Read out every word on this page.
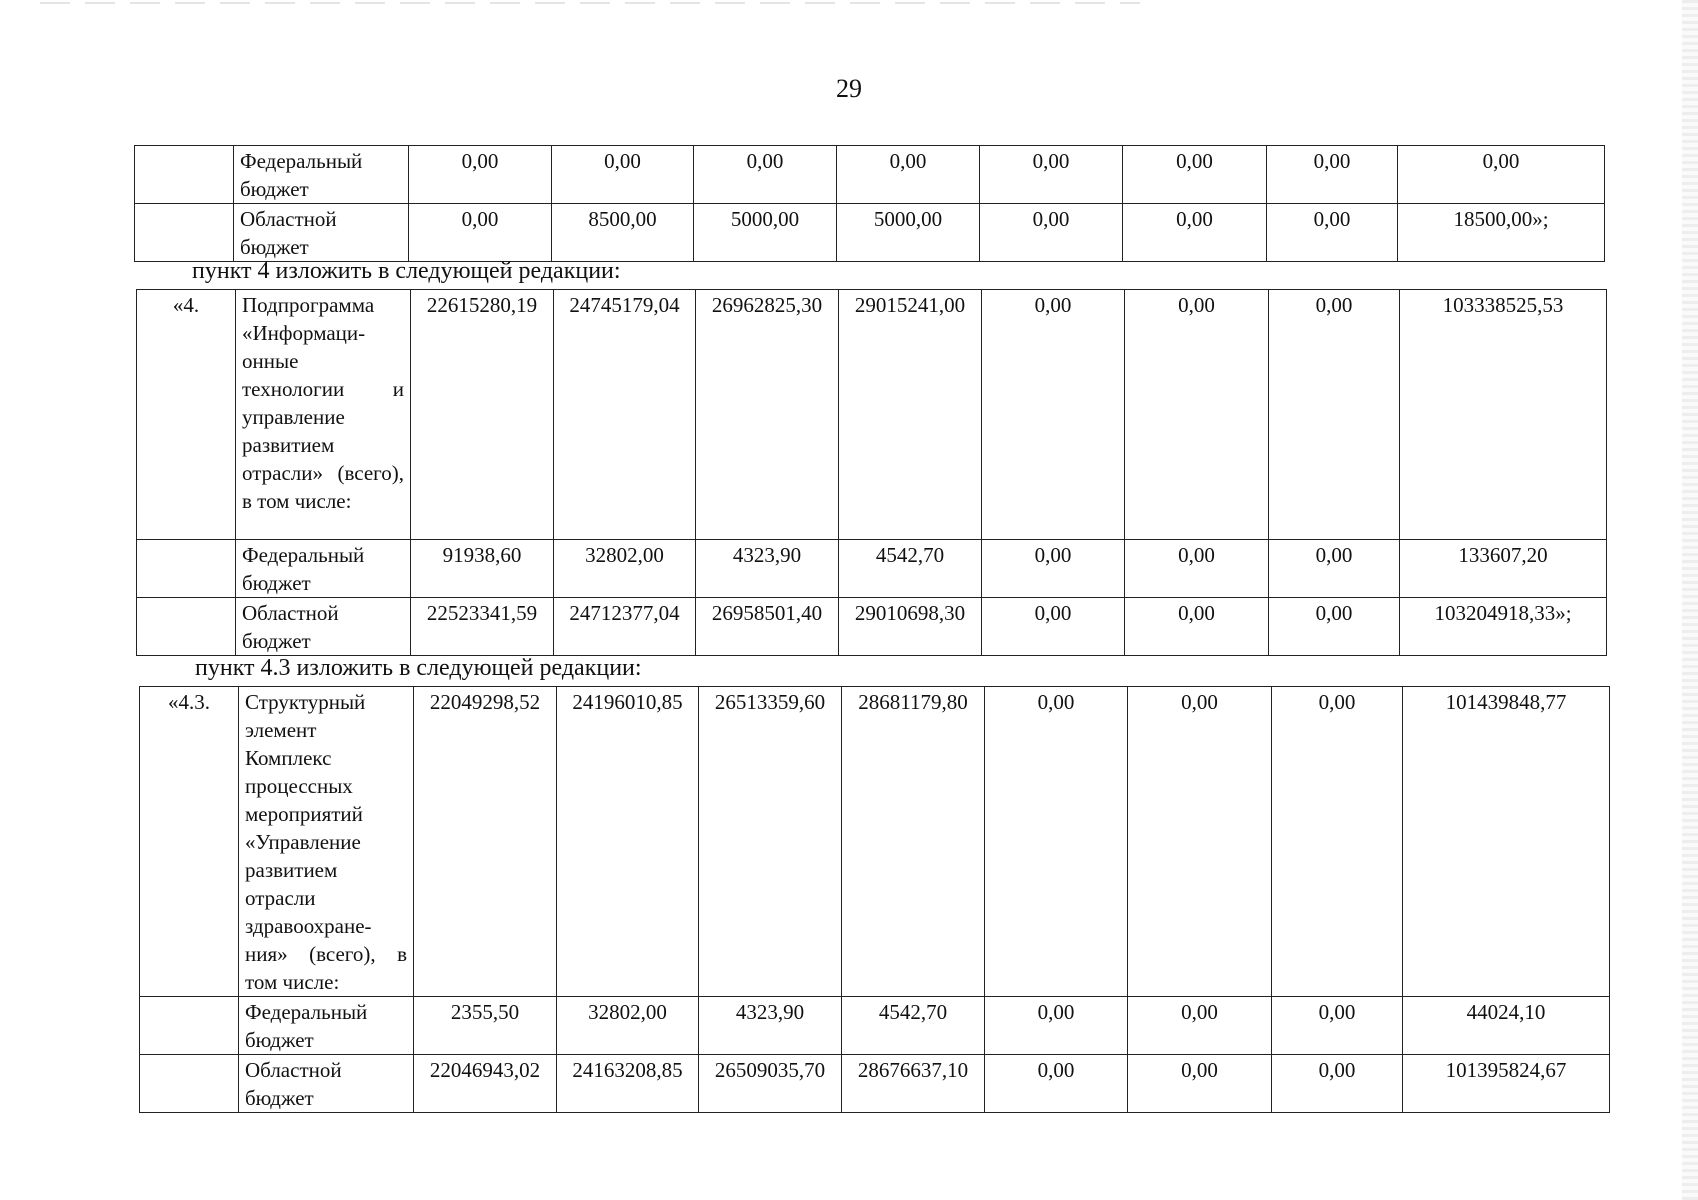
29
	Федеральный бюджет	0,00	0,00	0,00	0,00	0,00	0,00	0,00	0,00
	Областной бюджет	0,00	8500,00	5000,00	5000,00	0,00	0,00	0,00	18500,00»;
пункт 4 изложить в следующей редакции:
«4.	Подпрограмма «Информаци-онные технологии и управление развитием отрасли» (всего), в том числе:	22615280,19	24745179,04	26962825,30	29015241,00	0,00	0,00	0,00	103338525,53
	Федеральный бюджет	91938,60	32802,00	4323,90	4542,70	0,00	0,00	0,00	133607,20
	Областной бюджет	22523341,59	24712377,04	26958501,40	29010698,30	0,00	0,00	0,00	103204918,33»;
пункт 4.3 изложить в следующей редакции:
«4.3.	Структурный элемент Комплекс процессных мероприятий «Управление развитием отрасли здравоохране-ния» (всего), в том числе:	22049298,52	24196010,85	26513359,60	28681179,80	0,00	0,00	0,00	101439848,77
	Федеральный бюджет	2355,50	32802,00	4323,90	4542,70	0,00	0,00	0,00	44024,10
	Областной бюджет	22046943,02	24163208,85	26509035,70	28676637,10	0,00	0,00	0,00	101395824,67
